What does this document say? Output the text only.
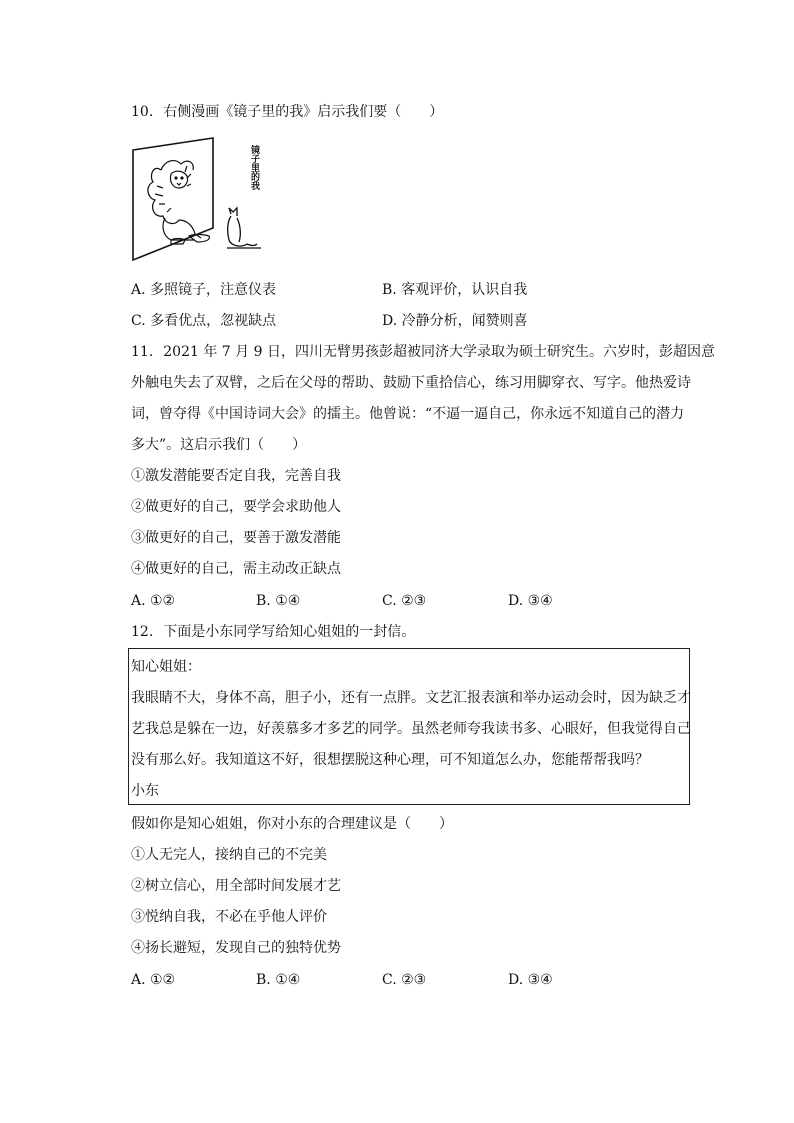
10. 右侧漫画《镜子里的我》启示我们要（　　）
镜子里的我
A. 多照镜子，注意仪表	B. 客观评价，认识自我
C. 多看优点，忽视缺点	D. 冷静分析，闻赞则喜
11. 2021 年 7 月 9 日，四川无臂男孩彭超被同济大学录取为硕士研究生。六岁时，彭超因意
外触电失去了双臂，之后在父母的帮助、鼓励下重拾信心，练习用脚穿衣、写字。他热爱诗
词，曾夺得《中国诗词大会》的擂主。他曾说：“不逼一逼自己，你永远不知道自己的潜力
多大”。这启示我们（　　）
①激发潜能要否定自我，完善自我
②做更好的自己，要学会求助他人
③做更好的自己，要善于激发潜能
④做更好的自己，需主动改正缺点
A. ①②	B. ①④	C. ②③	D. ③④
12. 下面是小东同学写给知心姐姐的一封信。
知心姐姐：
我眼睛不大，身体不高，胆子小，还有一点胖。文艺汇报表演和举办运动会时，因为缺乏才
艺我总是躲在一边，好羡慕多才多艺的同学。虽然老师夸我读书多、心眼好，但我觉得自己
没有那么好。我知道这不好，很想摆脱这种心理，可不知道怎么办，您能帮帮我吗？
小东
假如你是知心姐姐，你对小东的合理建议是（　　）
①人无完人，接纳自己的不完美
②树立信心，用全部时间发展才艺
③悦纳自我，不必在乎他人评价
④扬长避短，发现自己的独特优势
A. ①②	B. ①④	C. ②③	D. ③④
